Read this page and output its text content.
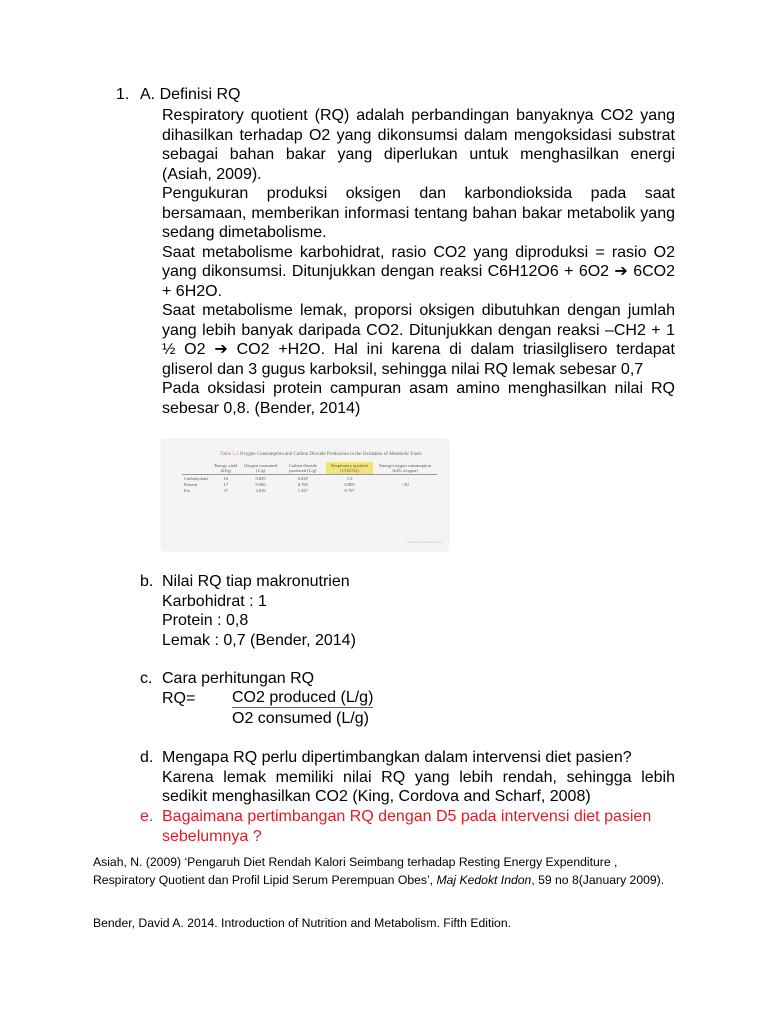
1. A. Definisi RQ

Respiratory quotient (RQ) adalah perbandingan banyaknya CO2 yang dihasilkan terhadap O2 yang dikonsumsi dalam mengoksidasi substrat sebagai bahan bakar yang diperlukan untuk menghasilkan energi (Asiah, 2009).

Pengukuran produksi oksigen dan karbondioksida pada saat bersamaan, memberikan informasi tentang bahan bakar metabolik yang sedang dimetabolisme.

Saat metabolisme karbohidrat, rasio CO2 yang diproduksi = rasio O2 yang dikonsumsi. Ditunjukkan dengan reaksi C6H12O6 + 6O2 ➔ 6CO2 + 6H2O.

Saat metabolisme lemak, proporsi oksigen dibutuhkan dengan jumlah yang lebih banyak daripada CO2. Ditunjukkan dengan reaksi –CH2 + 1 ½ O2 ➔ CO2 +H2O. Hal ini karena di dalam triasilglisero terdapat gliserol dan 3 gugus karboksil, sehingga nilai RQ lemak sebesar 0,7

Pada oksidasi protein campuran asam amino menghasilkan nilai RQ sebesar 0,8. (Bender, 2014)

Table 5.1 Oxygen Consumption and Carbon Dioxide Production in the Oxidation of Metabolic Fuels
	Energy yield (kJ/g)	Oxygen consumed (L/g)	Carbon dioxide produced (L/g)	Respiratory quotient (CO2/O2)	Energy/oxygen consumption (kJ/L oxygen)
Carbohydrate	16	0.829	0.829	1.0	
Protein	17	0.966	0.782	0.809	~20
Fat	37	2.016	1.427	0.707	
Nutrition & Metabolism, 2e
b. Nilai RQ tiap makronutrien
Karbohidrat : 1
Protein : 0,8
Lemak : 0,7 (Bender, 2014)
c. Cara perhitungan RQ
RQ= CO2 produced (L/g)
O2 consumed (L/g)
d. Mengapa RQ perlu dipertimbangkan dalam intervensi diet pasien?
Karena lemak memiliki nilai RQ yang lebih rendah, sehingga lebih sedikit menghasilkan CO2 (King, Cordova and Scharf, 2008)
e. Bagaimana pertimbangan RQ dengan D5 pada intervensi diet pasien sebelumnya ?
Asiah, N. (2009) ‘Pengaruh Diet Rendah Kalori Seimbang terhadap Resting Energy Expenditure , Respiratory Quotient dan Profil Lipid Serum Perempuan Obes’, Maj Kedokt Indon, 59 no 8(January 2009).
Bender, David A. 2014. Introduction of Nutrition and Metabolism. Fifth Edition.
